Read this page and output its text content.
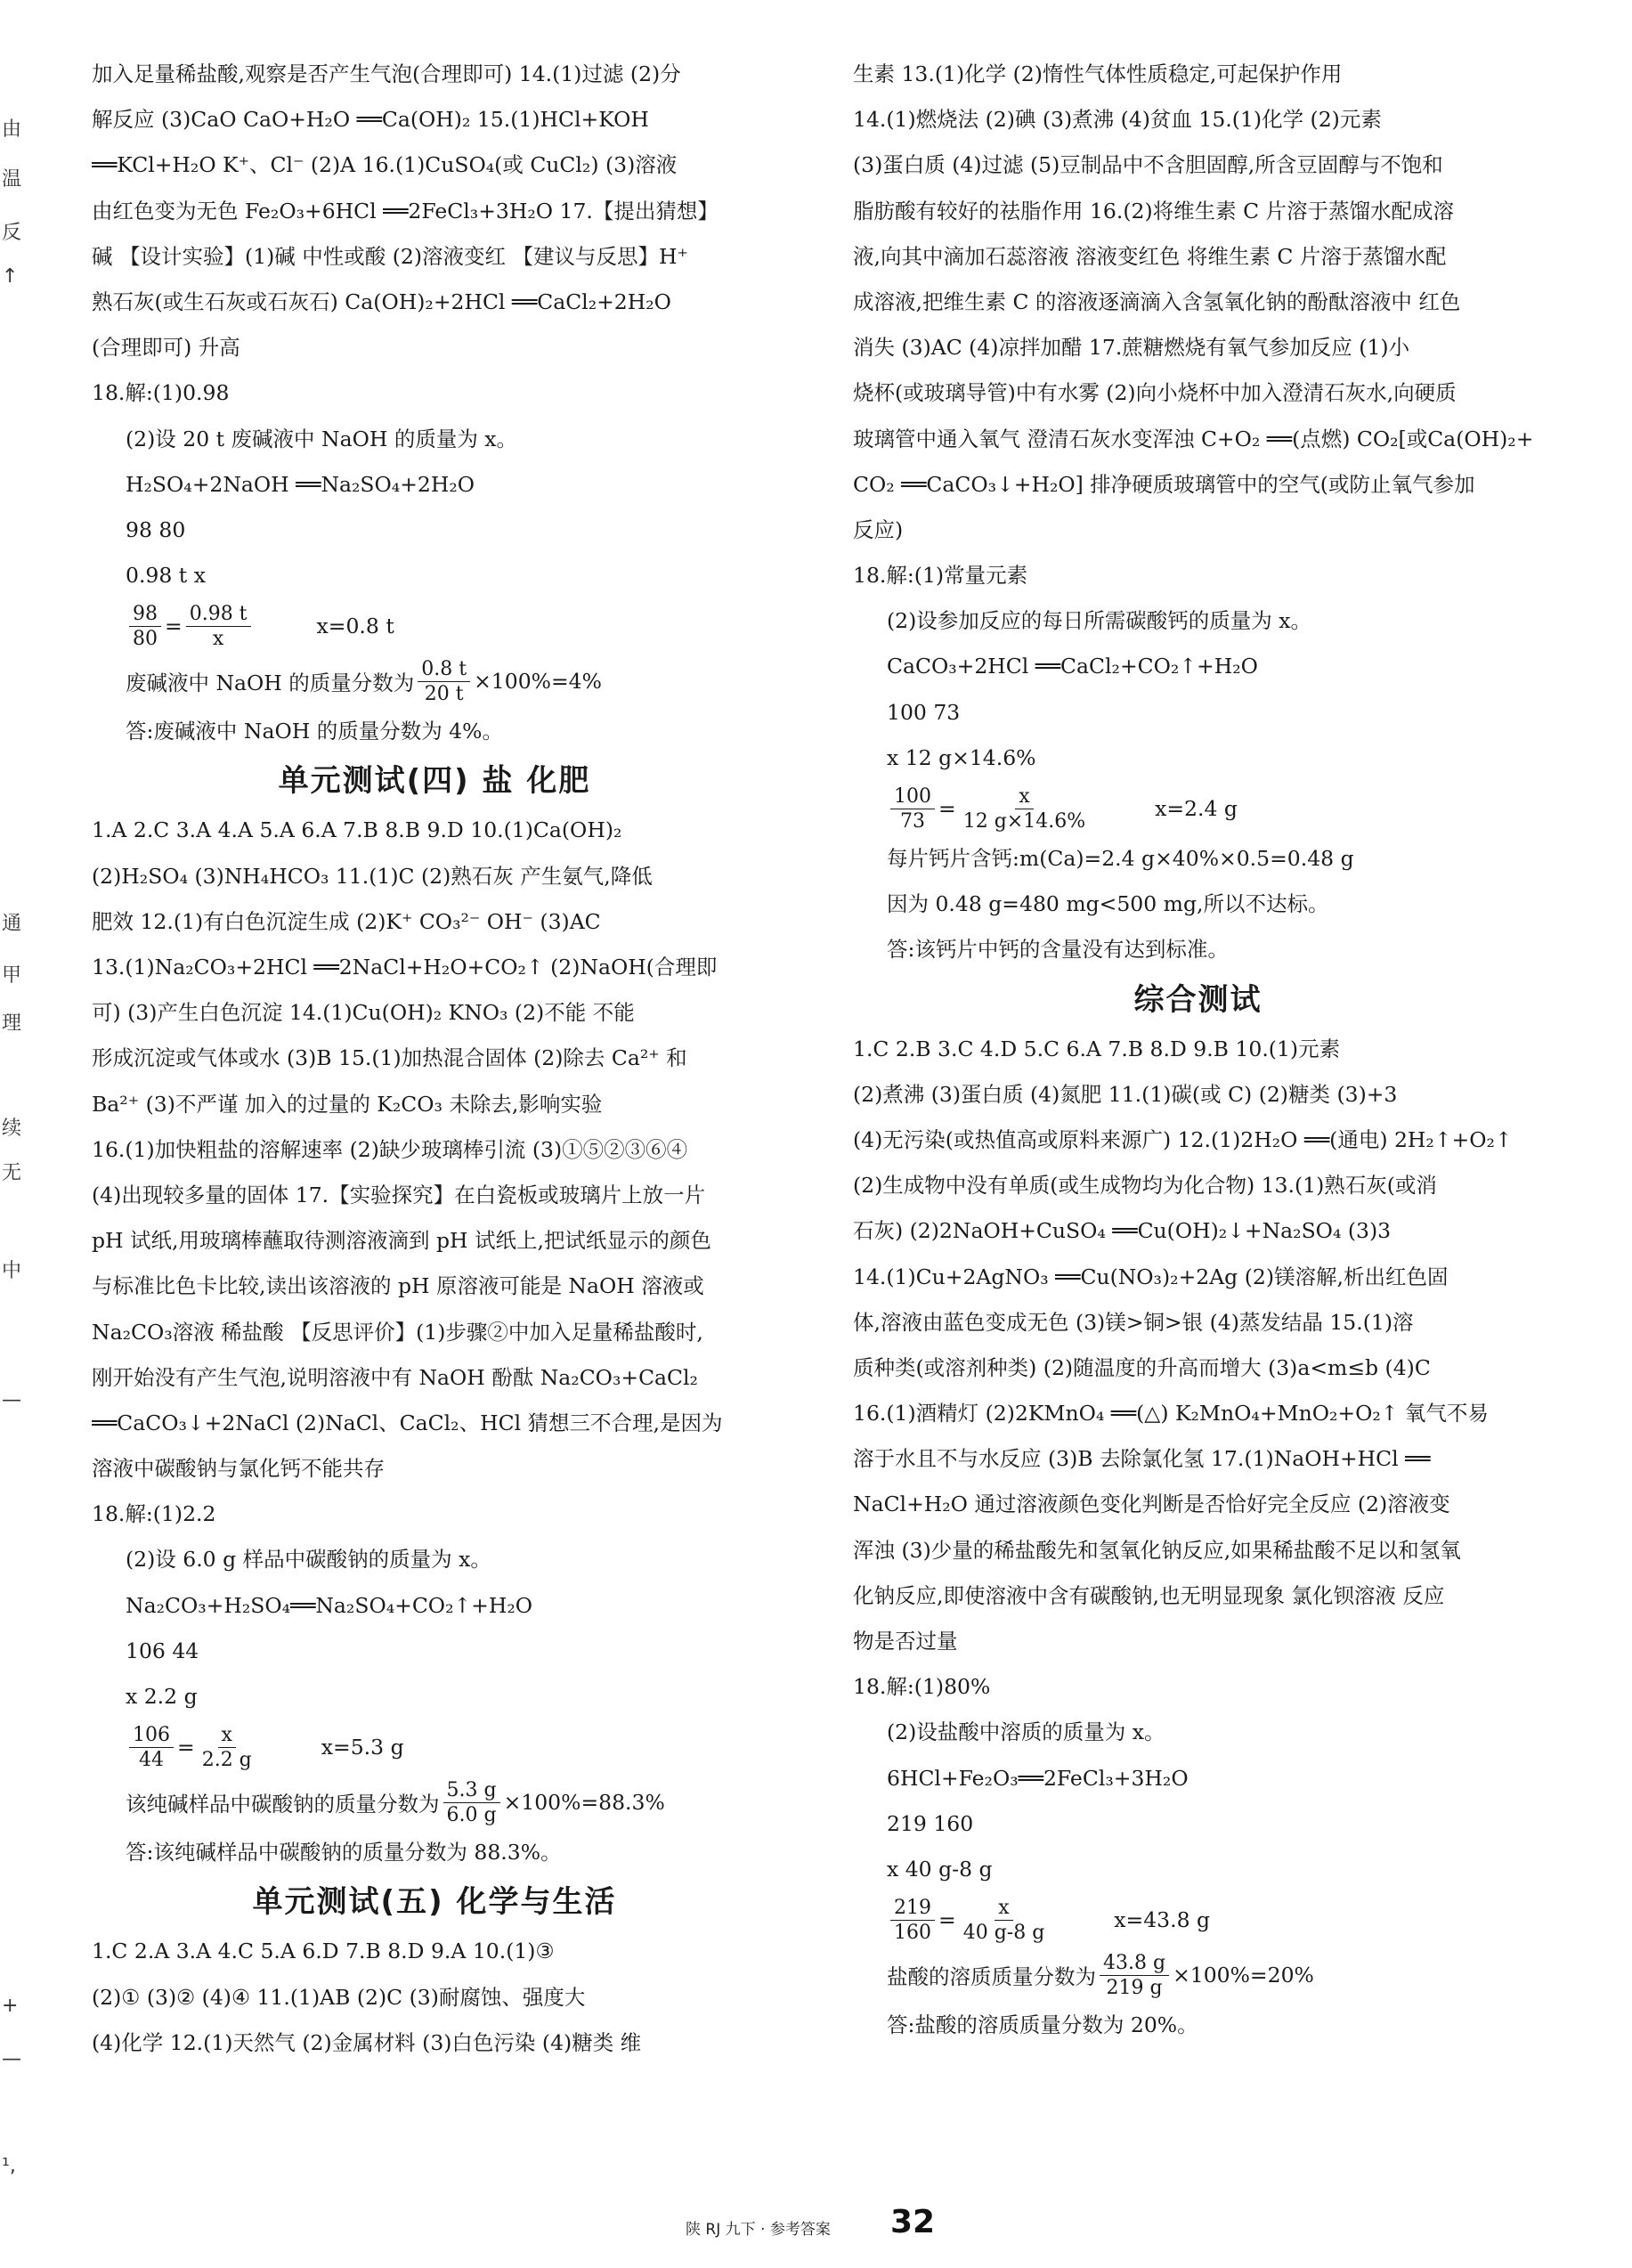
由
温
反
↑
通
甲
理
续
无
中
—
+
—
¹,
加入足量稀盐酸,观察是否产生气泡(合理即可) 14.(1)过滤 (2)分
解反应 (3)CaO CaO+H₂O ══Ca(OH)₂ 15.(1)HCl+KOH
══KCl+H₂O K⁺、Cl⁻ (2)A 16.(1)CuSO₄(或 CuCl₂) (3)溶液
由红色变为无色 Fe₂O₃+6HCl ══2FeCl₃+3H₂O 17.【提出猜想】
碱 【设计实验】(1)碱 中性或酸 (2)溶液变红 【建议与反思】H⁺
熟石灰(或生石灰或石灰石) Ca(OH)₂+2HCl ══CaCl₂+2H₂O
(合理即可) 升高
18.解:(1)0.98
(2)设 20 t 废碱液中 NaOH 的质量为 x。
H₂SO₄+2NaOH ══Na₂SO₄+2H₂O
98 80
0.98 t x
$\frac{98}{80} = \frac{0.98 t}{x}$	x=0.8 t
废碱液中 NaOH 的质量分数为 $\frac{0.8 t}{20 t} \times 100\%=4\%$
答:废碱液中 NaOH 的质量分数为 4%。
单元测试(四) 盐 化肥
1.A 2.C 3.A 4.A 5.A 6.A 7.B 8.B 9.D 10.(1)Ca(OH)₂
(2)H₂SO₄ (3)NH₄HCO₃ 11.(1)C (2)熟石灰 产生氨气,降低
肥效 12.(1)有白色沉淀生成 (2)K⁺ CO₃²⁻ OH⁻ (3)AC
13.(1)Na₂CO₃+2HCl ══2NaCl+H₂O+CO₂↑ (2)NaOH(合理即
可) (3)产生白色沉淀 14.(1)Cu(OH)₂ KNO₃ (2)不能 不能
形成沉淀或气体或水 (3)B 15.(1)加热混合固体 (2)除去 Ca²⁺ 和
Ba²⁺ (3)不严谨 加入的过量的 K₂CO₃ 未除去,影响实验
16.(1)加快粗盐的溶解速率 (2)缺少玻璃棒引流 (3)①⑤②③⑥④
(4)出现较多量的固体 17.【实验探究】在白瓷板或玻璃片上放一片
pH 试纸,用玻璃棒蘸取待测溶液滴到 pH 试纸上,把试纸显示的颜色
与标准比色卡比较,读出该溶液的 pH 原溶液可能是 NaOH 溶液或
Na₂CO₃溶液 稀盐酸 【反思评价】(1)步骤②中加入足量稀盐酸时,
刚开始没有产生气泡,说明溶液中有 NaOH 酚酞 Na₂CO₃+CaCl₂
══CaCO₃↓+2NaCl (2)NaCl、CaCl₂、HCl 猜想三不合理,是因为
溶液中碳酸钠与氯化钙不能共存
18.解:(1)2.2
(2)设 6.0 g 样品中碳酸钠的质量为 x。
Na₂CO₃+H₂SO₄══Na₂SO₄+CO₂↑+H₂O
106 44
x 2.2 g
$\frac{106}{44} = \frac{x}{2.2 g}$	x=5.3 g
该纯碱样品中碳酸钠的质量分数为 $\frac{5.3 g}{6.0 g} \times 100\%=88.3\%$
答:该纯碱样品中碳酸钠的质量分数为 88.3%。
单元测试(五) 化学与生活
1.C 2.A 3.A 4.C 5.A 6.D 7.B 8.D 9.A 10.(1)③
(2)① (3)② (4)④ 11.(1)AB (2)C (3)耐腐蚀、强度大
(4)化学 12.(1)天然气 (2)金属材料 (3)白色污染 (4)糖类 维
生素 13.(1)化学 (2)惰性气体性质稳定,可起保护作用
14.(1)燃烧法 (2)碘 (3)煮沸 (4)贫血 15.(1)化学 (2)元素
(3)蛋白质 (4)过滤 (5)豆制品中不含胆固醇,所含豆固醇与不饱和
脂肪酸有较好的祛脂作用 16.(2)将维生素 C 片溶于蒸馏水配成溶
液,向其中滴加石蕊溶液 溶液变红色 将维生素 C 片溶于蒸馏水配
成溶液,把维生素 C 的溶液逐滴滴入含氢氧化钠的酚酞溶液中 红色
消失 (3)AC (4)凉拌加醋 17.蔗糖燃烧有氧气参加反应 (1)小
烧杯(或玻璃导管)中有水雾 (2)向小烧杯中加入澄清石灰水,向硬质
玻璃管中通入氧气 澄清石灰水变浑浊 C+O₂ ══(点燃) CO₂[或Ca(OH)₂+
CO₂ ══CaCO₃↓+H₂O] 排净硬质玻璃管中的空气(或防止氧气参加
反应)
18.解:(1)常量元素
(2)设参加反应的每日所需碳酸钙的质量为 x。
CaCO₃+2HCl ══CaCl₂+CO₂↑+H₂O
100 73
x 12 g×14.6%
$\frac{100}{73} = \frac{x}{12 g\times 14.6\%}$	x=2.4 g
每片钙片含钙:m(Ca)=2.4 g×40%×0.5=0.48 g
因为 0.48 g=480 mg<500 mg,所以不达标。
答:该钙片中钙的含量没有达到标准。
综合测试
1.C 2.B 3.C 4.D 5.C 6.A 7.B 8.D 9.B 10.(1)元素
(2)煮沸 (3)蛋白质 (4)氮肥 11.(1)碳(或 C) (2)糖类 (3)+3
(4)无污染(或热值高或原料来源广) 12.(1)2H₂O ══(通电) 2H₂↑+O₂↑
(2)生成物中没有单质(或生成物均为化合物) 13.(1)熟石灰(或消
石灰) (2)2NaOH+CuSO₄ ══Cu(OH)₂↓+Na₂SO₄ (3)3
14.(1)Cu+2AgNO₃ ══Cu(NO₃)₂+2Ag (2)镁溶解,析出红色固
体,溶液由蓝色变成无色 (3)镁>铜>银 (4)蒸发结晶 15.(1)溶
质种类(或溶剂种类) (2)随温度的升高而增大 (3)a<m≤b (4)C
16.(1)酒精灯 (2)2KMnO₄ ══(△) K₂MnO₄+MnO₂+O₂↑ 氧气不易
溶于水且不与水反应 (3)B 去除氯化氢 17.(1)NaOH+HCl ══
NaCl+H₂O 通过溶液颜色变化判断是否恰好完全反应 (2)溶液变
浑浊 (3)少量的稀盐酸先和氢氧化钠反应,如果稀盐酸不足以和氢氧
化钠反应,即使溶液中含有碳酸钠,也无明显现象 氯化钡溶液 反应
物是否过量
18.解:(1)80%
(2)设盐酸中溶质的质量为 x。
6HCl+Fe₂O₃══2FeCl₃+3H₂O
219 160
x 40 g-8 g
$\frac{219}{160} = \frac{x}{40 g-8 g}$	x=43.8 g
盐酸的溶质质量分数为 $\frac{43.8 g}{219 g} \times 100\%=20\%$
答:盐酸的溶质质量分数为 20%。
陕 RJ 九下 · 参考答案 32
